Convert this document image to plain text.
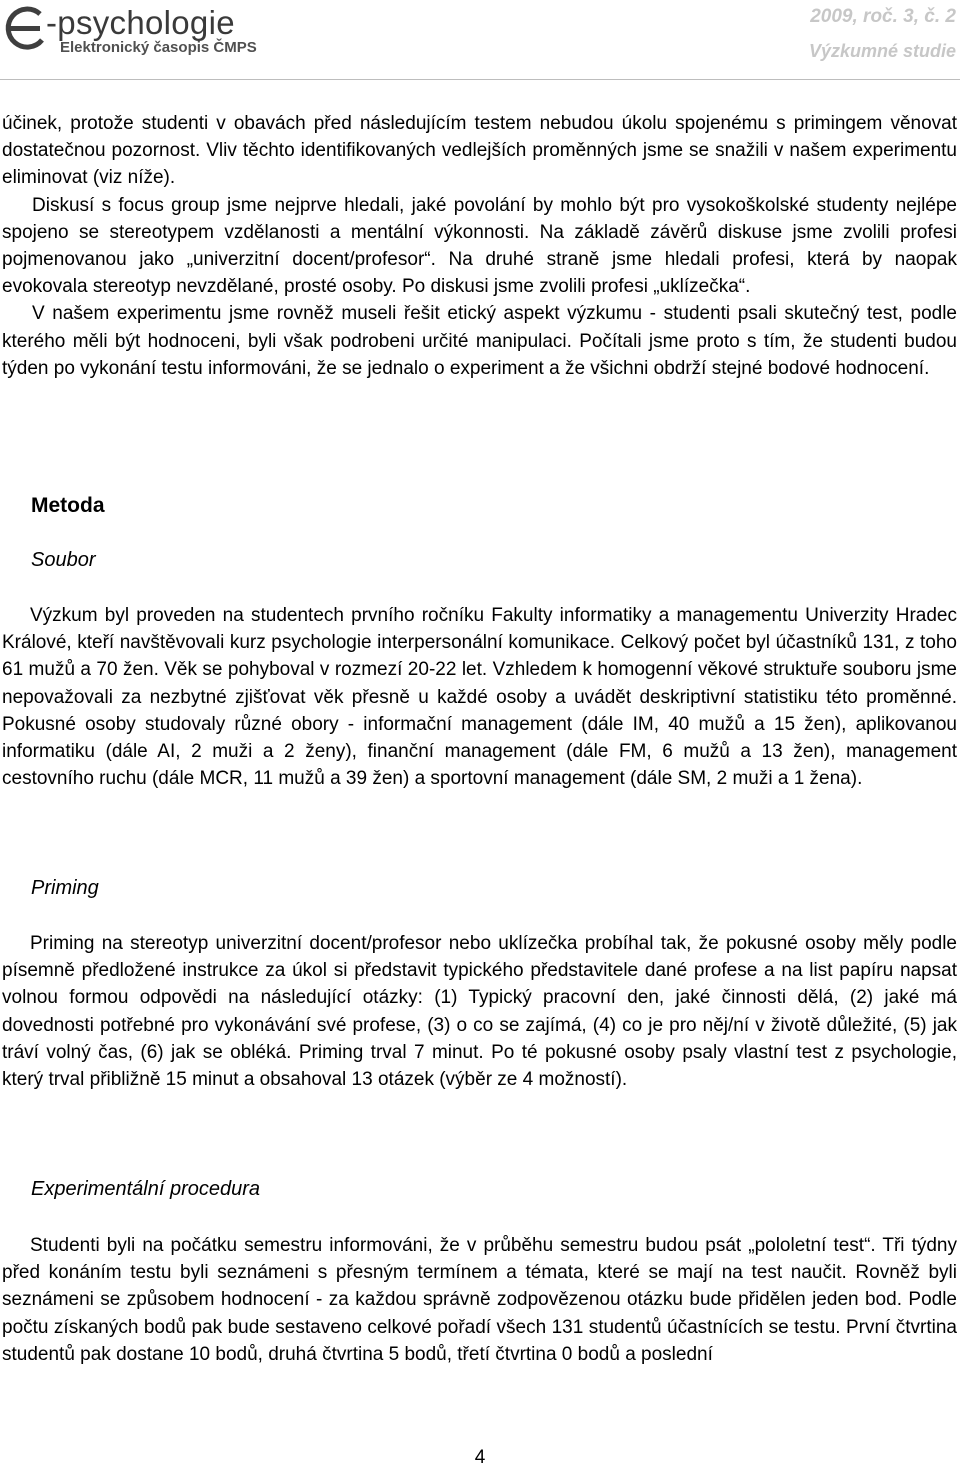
-psychologie
Elektronický časopis ČMPS
2009, roč. 3, č. 2
Výzkumné studie

účinek, protože studenti v obavách před následujícím testem nebudou úkolu spojenému s primingem věnovat dostatečnou pozornost. Vliv těchto identifikovaných vedlejších proměnných jsme se snažili v našem experimentu eliminovat (viz níže).

Diskusí s focus group jsme nejprve hledali, jaké povolání by mohlo být pro vysokoškolské studenty nejlépe spojeno se stereotypem vzdělanosti a mentální výkonnosti. Na základě závěrů diskuse jsme zvolili profesi pojmenovanou jako „univerzitní docent/profesor“. Na druhé straně jsme hledali profesi, která by naopak evokovala stereotyp nevzdělané, prosté osoby. Po diskusi jsme zvolili profesi „uklízečka“.

V našem experimentu jsme rovněž museli řešit etický aspekt výzkumu - studenti psali skutečný test, podle kterého měli být hodnoceni, byli však podrobeni určité manipulaci. Počítali jsme proto s tím, že studenti budou týden po vykonání testu informováni, že se jednalo o experiment a že všichni obdrží stejné bodové hodnocení.

Metoda
Soubor

Výzkum byl proveden na studentech prvního ročníku Fakulty informatiky a managementu Univerzity Hradec Králové, kteří navštěvovali kurz psychologie interpersonální komunikace. Celkový počet byl účastníků 131, z toho 61 mužů a 70 žen. Věk se pohyboval v rozmezí 20-22 let. Vzhledem k homogenní věkové struktuře souboru jsme nepovažovali za nezbytné zjišťovat věk přesně u každé osoby a uvádět deskriptivní statistiku této proměnné. Pokusné osoby studovaly různé obory - informační management (dále IM, 40 mužů a 15 žen), aplikovanou informatiku (dále AI, 2 muži a 2 ženy), finanční management (dále FM, 6 mužů a 13 žen), management cestovního ruchu (dále MCR, 11 mužů a 39 žen) a sportovní management (dále SM, 2 muži a 1 žena).

Priming

Priming na stereotyp univerzitní docent/profesor nebo uklízečka probíhal tak, že pokusné osoby měly podle písemně předložené instrukce za úkol si představit typického představitele dané profese a na list papíru napsat volnou formou odpovědi na následující otázky: (1) Typický pracovní den, jaké činnosti dělá, (2) jaké má dovednosti potřebné pro vykonávání své profese, (3) o co se zajímá, (4) co je pro něj/ní v životě důležité, (5) jak tráví volný čas, (6) jak se obléká. Priming trval 7 minut. Po té pokusné osoby psaly vlastní test z psychologie, který trval přibližně 15 minut a obsahoval 13 otázek (výběr ze 4 možností).

Experimentální procedura

Studenti byli na počátku semestru informováni, že v průběhu semestru budou psát „pololetní test“. Tři týdny před konáním testu byli seznámeni s přesným termínem a témata, které se mají na test naučit. Rovněž byli seznámeni se způsobem hodnocení - za každou správně zodpovězenou otázku bude přidělen jeden bod. Podle počtu získaných bodů pak bude sestaveno celkové pořadí všech 131 studentů účastnících se testu. První čtvrtina studentů pak dostane 10 bodů, druhá čtvrtina 5 bodů, třetí čtvrtina 0 bodů a poslední

4
